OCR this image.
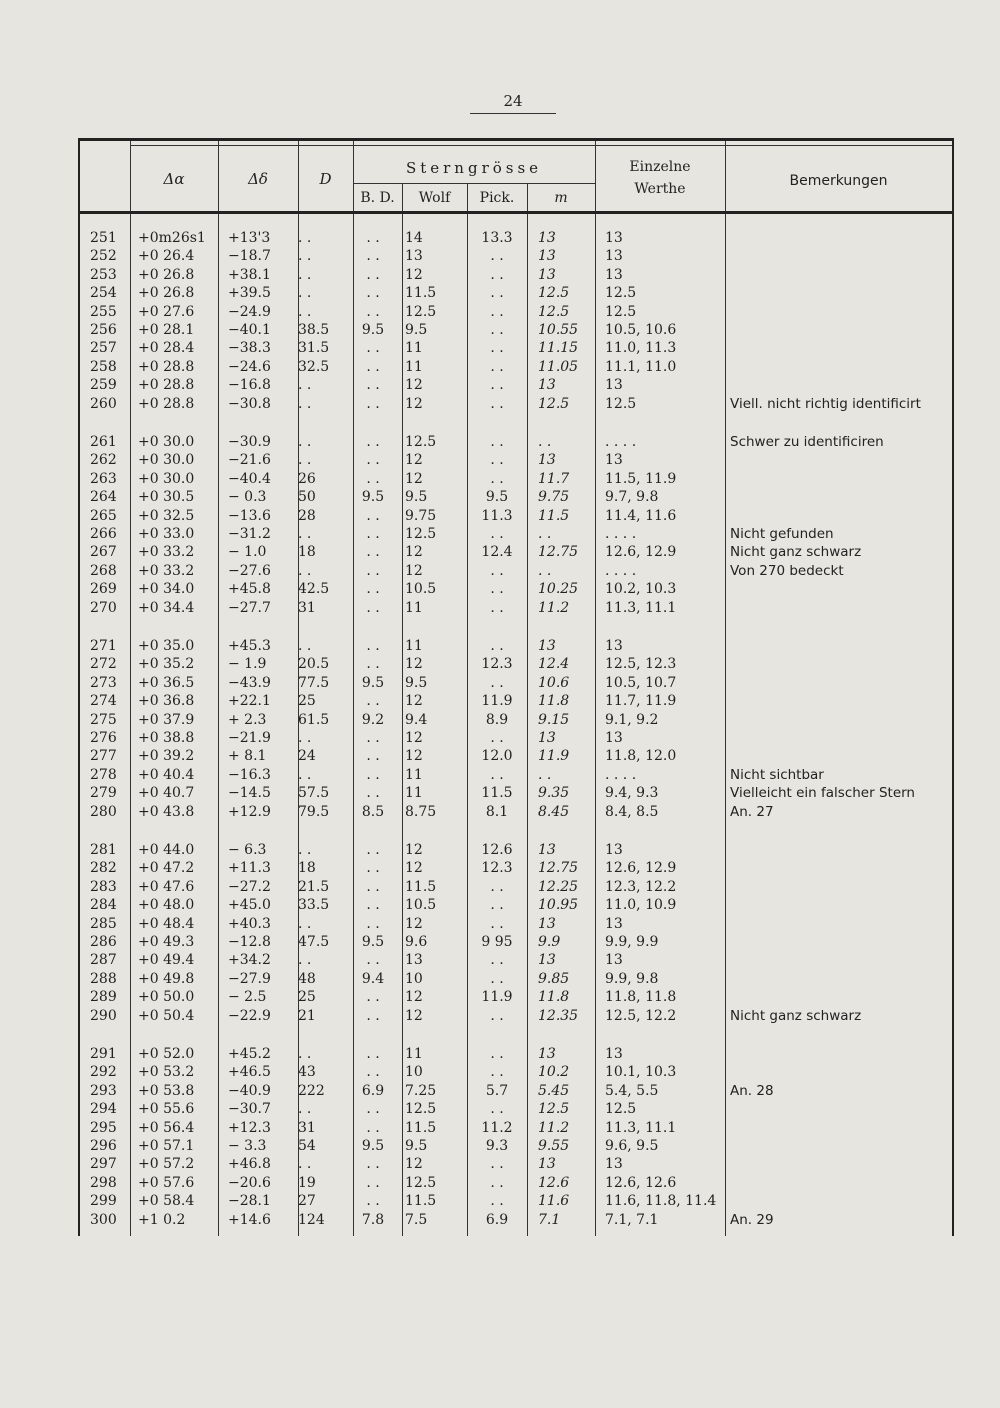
24
Δα	Δδ	D
Sterngrösse
B. D.	Wolf	Pick.	m
Einzelne
Werthe	Bemerkungen
251	+0m26s1	+13'3	. .	. .	14	13.3	13	13
252	+0 26.4	−18.7	. .	. .	13	. .	13	13
253	+0 26.8	+38.1	. .	. .	12	. .	13	13
254	+0 26.8	+39.5	. .	. .	11.5	. .	12.5	12.5
255	+0 27.6	−24.9	. .	. .	12.5	. .	12.5	12.5
256	+0 28.1	−40.1	38.5	9.5	9.5	. .	10.55	10.5, 10.6
257	+0 28.4	−38.3	31.5	. .	11	. .	11.15	11.0, 11.3
258	+0 28.8	−24.6	32.5	. .	11	. .	11.05	11.1, 11.0
259	+0 28.8	−16.8	. .	. .	12	. .	13	13
260	+0 28.8	−30.8	. .	. .	12	. .	12.5	12.5	Viell. nicht richtig identificirt
261	+0 30.0	−30.9	. .	. .	12.5	. .	. .	. . . .	Schwer zu identificiren
262	+0 30.0	−21.6	. .	. .	12	. .	13	13
263	+0 30.0	−40.4	26	. .	12	. .	11.7	11.5, 11.9
264	+0 30.5	− 0.3	50	9.5	9.5	9.5	9.75	9.7, 9.8
265	+0 32.5	−13.6	28	. .	9.75	11.3	11.5	11.4, 11.6
266	+0 33.0	−31.2	. .	. .	12.5	. .	. .	. . . .	Nicht gefunden
267	+0 33.2	− 1.0	18	. .	12	12.4	12.75	12.6, 12.9	Nicht ganz schwarz
268	+0 33.2	−27.6	. .	. .	12	. .	. .	. . . .	Von 270 bedeckt
269	+0 34.0	+45.8	42.5	. .	10.5	. .	10.25	10.2, 10.3
270	+0 34.4	−27.7	31	. .	11	. .	11.2	11.3, 11.1
271	+0 35.0	+45.3	. .	. .	11	. .	13	13
272	+0 35.2	− 1.9	20.5	. .	12	12.3	12.4	12.5, 12.3
273	+0 36.5	−43.9	77.5	9.5	9.5	. .	10.6	10.5, 10.7
274	+0 36.8	+22.1	25	. .	12	11.9	11.8	11.7, 11.9
275	+0 37.9	+ 2.3	61.5	9.2	9.4	8.9	9.15	9.1, 9.2
276	+0 38.8	−21.9	. .	. .	12	. .	13	13
277	+0 39.2	+ 8.1	24	. .	12	12.0	11.9	11.8, 12.0
278	+0 40.4	−16.3	. .	. .	11	. .	. .	. . . .	Nicht sichtbar
279	+0 40.7	−14.5	57.5	. .	11	11.5	9.35	9.4, 9.3	Vielleicht ein falscher Stern
280	+0 43.8	+12.9	79.5	8.5	8.75	8.1	8.45	8.4, 8.5	An. 27
281	+0 44.0	− 6.3	. .	. .	12	12.6	13	13
282	+0 47.2	+11.3	18	. .	12	12.3	12.75	12.6, 12.9
283	+0 47.6	−27.2	21.5	. .	11.5	. .	12.25	12.3, 12.2
284	+0 48.0	+45.0	33.5	. .	10.5	. .	10.95	11.0, 10.9
285	+0 48.4	+40.3	. .	. .	12	. .	13	13
286	+0 49.3	−12.8	47.5	9.5	9.6	9 95	9.9	9.9, 9.9
287	+0 49.4	+34.2	. .	. .	13	. .	13	13
288	+0 49.8	−27.9	48	9.4	10	. .	9.85	9.9, 9.8
289	+0 50.0	− 2.5	25	. .	12	11.9	11.8	11.8, 11.8
290	+0 50.4	−22.9	21	. .	12	. .	12.35	12.5, 12.2	Nicht ganz schwarz
291	+0 52.0	+45.2	. .	. .	11	. .	13	13
292	+0 53.2	+46.5	43	. .	10	. .	10.2	10.1, 10.3
293	+0 53.8	−40.9	222	6.9	7.25	5.7	5.45	5.4, 5.5	An. 28
294	+0 55.6	−30.7	. .	. .	12.5	. .	12.5	12.5
295	+0 56.4	+12.3	31	. .	11.5	11.2	11.2	11.3, 11.1
296	+0 57.1	− 3.3	54	9.5	9.5	9.3	9.55	9.6, 9.5
297	+0 57.2	+46.8	. .	. .	12	. .	13	13
298	+0 57.6	−20.6	19	. .	12.5	. .	12.6	12.6, 12.6
299	+0 58.4	−28.1	27	. .	11.5	. .	11.6	11.6, 11.8, 11.4
300	+1 0.2	+14.6	124	7.8	7.5	6.9	7.1	7.1, 7.1	An. 29
